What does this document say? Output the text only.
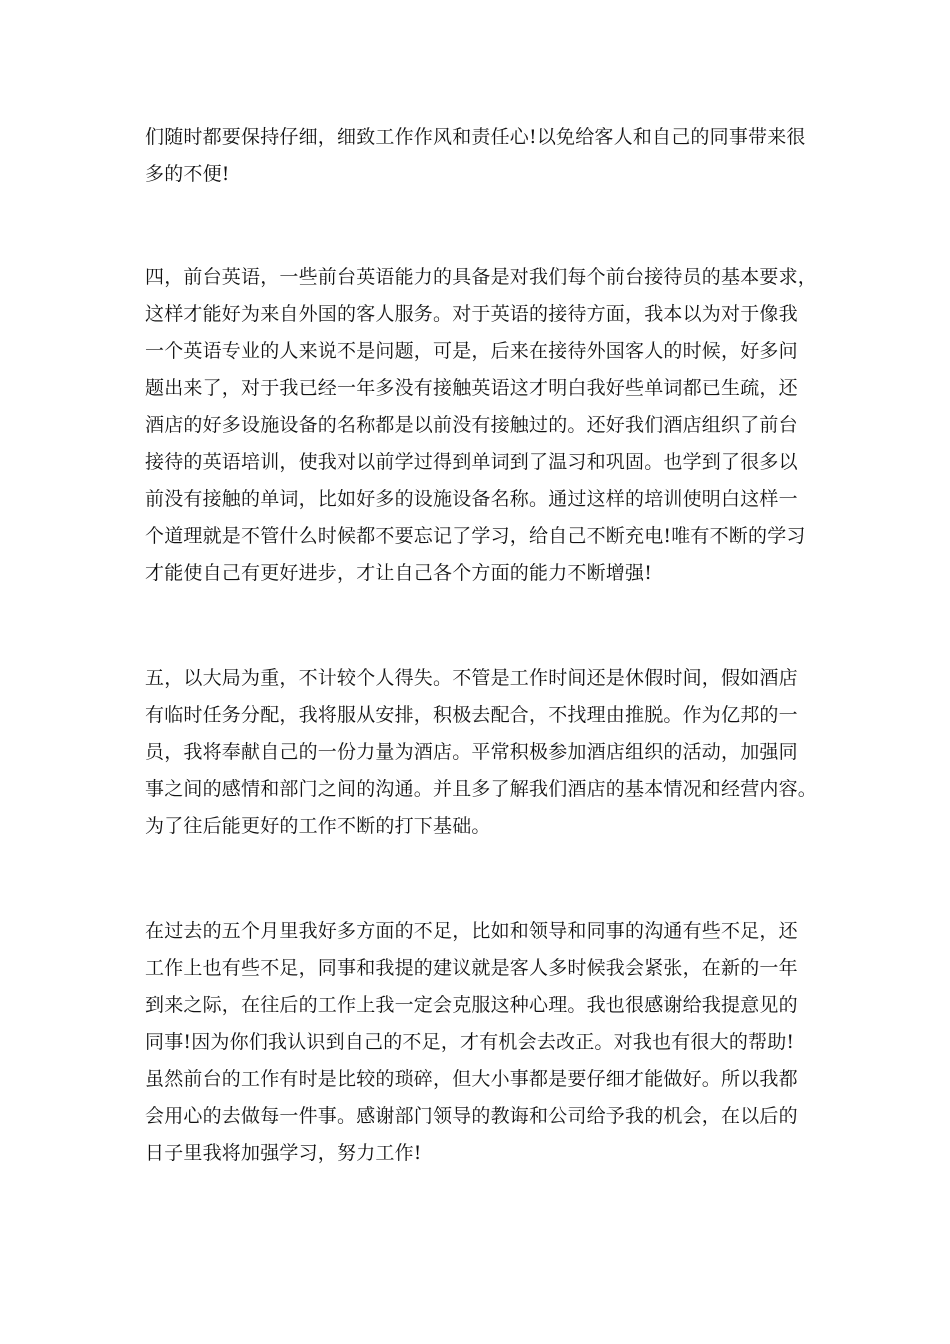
们随时都要保持仔细，细致工作作风和责任心!以免给客人和自己的同事带来很
多的不便!
四，前台英语，一些前台英语能力的具备是对我们每个前台接待员的基本要求，
这样才能好为来自外国的客人服务。对于英语的接待方面，我本以为对于像我
一个英语专业的人来说不是问题，可是，后来在接待外国客人的时候，好多问
题出来了，对于我已经一年多没有接触英语这才明白我好些单词都已生疏，还
酒店的好多设施设备的名称都是以前没有接触过的。还好我们酒店组织了前台
接待的英语培训，使我对以前学过得到单词到了温习和巩固。也学到了很多以
前没有接触的单词，比如好多的设施设备名称。通过这样的培训使明白这样一
个道理就是不管什么时候都不要忘记了学习，给自己不断充电!唯有不断的学习
才能使自己有更好进步，才让自己各个方面的能力不断增强!
五，以大局为重，不计较个人得失。不管是工作时间还是休假时间，假如酒店
有临时任务分配，我将服从安排，积极去配合，不找理由推脱。作为亿邦的一
员，我将奉献自己的一份力量为酒店。平常积极参加酒店组织的活动，加强同
事之间的感情和部门之间的沟通。并且多了解我们酒店的基本情况和经营内容。
为了往后能更好的工作不断的打下基础。
在过去的五个月里我好多方面的不足，比如和领导和同事的沟通有些不足，还
工作上也有些不足，同事和我提的建议就是客人多时候我会紧张，在新的一年
到来之际，在往后的工作上我一定会克服这种心理。我也很感谢给我提意见的
同事!因为你们我认识到自己的不足，才有机会去改正。对我也有很大的帮助!
虽然前台的工作有时是比较的琐碎，但大小事都是要仔细才能做好。所以我都
会用心的去做每一件事。感谢部门领导的教诲和公司给予我的机会，在以后的
日子里我将加强学习，努力工作!
